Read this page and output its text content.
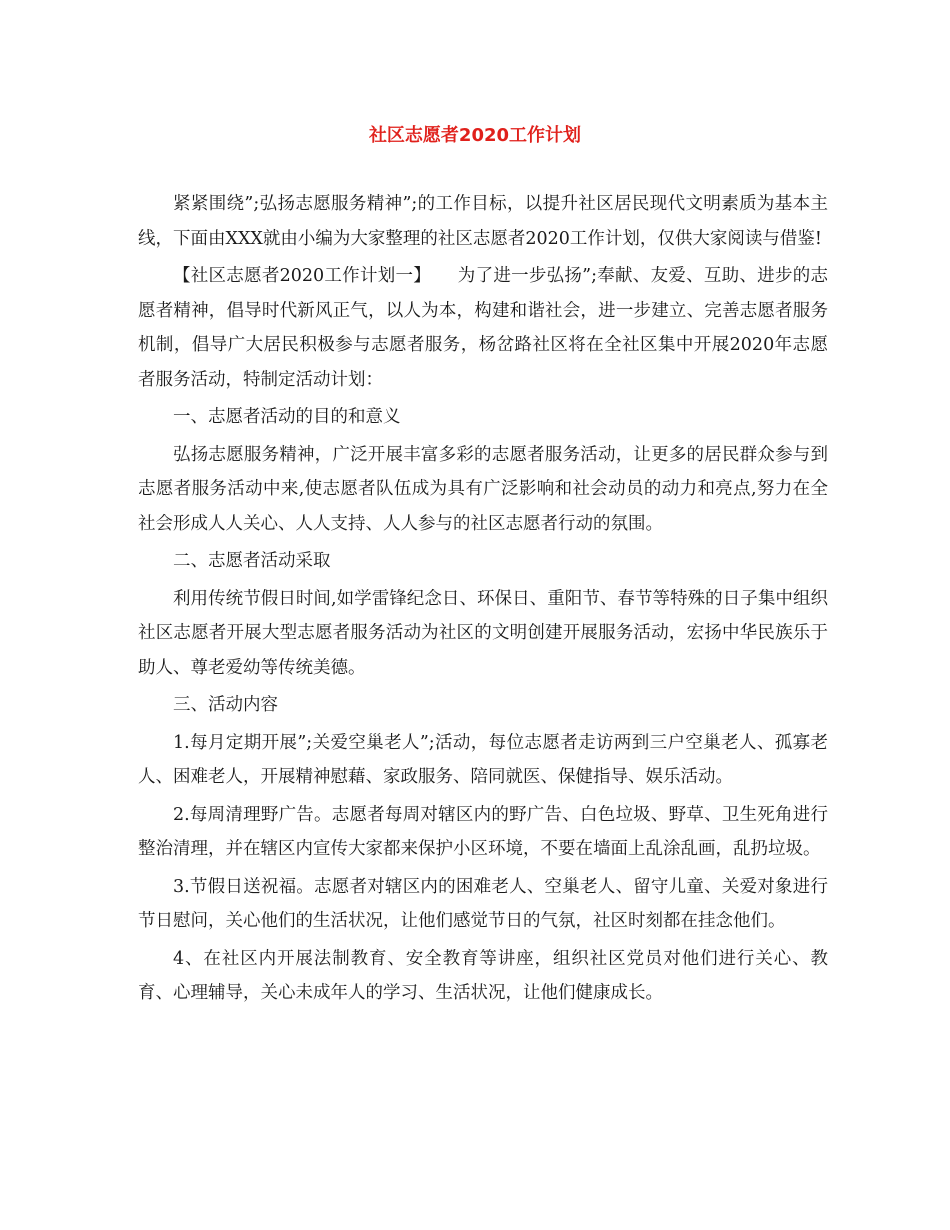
社区志愿者2020工作计划

紧紧围绕”;弘扬志愿服务精神”;的工作目标，以提升社区居民现代文明素质为基本主线，下面由XXX就由小编为大家整理的社区志愿者2020工作计划，仅供大家阅读与借鉴!

【社区志愿者2020工作计划一】　　为了进一步弘扬”;奉献、友爱、互助、进步的志愿者精神，倡导时代新风正气，以人为本，构建和谐社会，进一步建立、完善志愿者服务机制，倡导广大居民积极参与志愿者服务，杨岔路社区将在全社区集中开展2020年志愿者服务活动，特制定活动计划：

一、志愿者活动的目的和意义

弘扬志愿服务精神，广泛开展丰富多彩的志愿者服务活动，让更多的居民群众参与到志愿者服务活动中来,使志愿者队伍成为具有广泛影响和社会动员的动力和亮点,努力在全社会形成人人关心、人人支持、人人参与的社区志愿者行动的氛围。

二、志愿者活动采取

利用传统节假日时间,如学雷锋纪念日、环保日、重阳节、春节等特殊的日子集中组织社区志愿者开展大型志愿者服务活动为社区的文明创建开展服务活动，宏扬中华民族乐于助人、尊老爱幼等传统美德。

三、活动内容

1.每月定期开展”;关爱空巢老人”;活动，每位志愿者走访两到三户空巢老人、孤寡老人、困难老人，开展精神慰藉、家政服务、陪同就医、保健指导、娱乐活动。

2.每周清理野广告。志愿者每周对辖区内的野广告、白色垃圾、野草、卫生死角进行整治清理，并在辖区内宣传大家都来保护小区环境，不要在墙面上乱涂乱画，乱扔垃圾。

3.节假日送祝福。志愿者对辖区内的困难老人、空巢老人、留守儿童、关爱对象进行节日慰问，关心他们的生活状况，让他们感觉节日的气氛，社区时刻都在挂念他们。

4、在社区内开展法制教育、安全教育等讲座，组织社区党员对他们进行关心、教育、心理辅导，关心未成年人的学习、生活状况，让他们健康成长。
